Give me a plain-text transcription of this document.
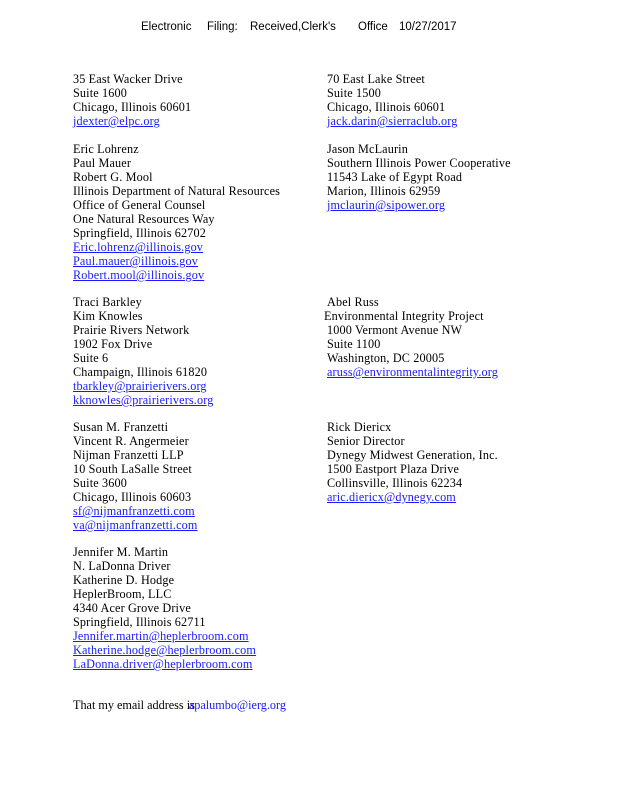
Electronic Filing: Received,Clerk's Office 10/27/2017
35 East Wacker Drive
Suite 1600
Chicago, Illinois 60601
jdexter@elpc.org
70 East Lake Street
Suite 1500
Chicago, Illinois 60601
jack.darin@sierraclub.org
Eric Lohrenz
Paul Mauer
Robert G. Mool
Illinois Department of Natural Resources
Office of General Counsel
One Natural Resources Way
Springfield, Illinois 62702
Eric.lohrenz@illinois.gov
Paul.mauer@illinois.gov
Robert.mool@illinois.gov
Jason McLaurin
Southern Illinois Power Cooperative
11543 Lake of Egypt Road
Marion, Illinois 62959
jmclaurin@sipower.org
Traci Barkley
Kim Knowles
Prairie Rivers Network
1902 Fox Drive
Suite 6
Champaign, Illinois 61820
tbarkley@prairierivers.org
kknowles@prairierivers.org
Abel Russ
Environmental Integrity Project
1000 Vermont Avenue NW
Suite 1100
Washington, DC 20005
aruss@environmentalintegrity.org
Susan M. Franzetti
Vincent R. Angermeier
Nijman Franzetti LLP
10 South LaSalle Street
Suite 3600
Chicago, Illinois 60603
sf@nijmanfranzetti.com
va@nijmanfranzetti.com
Rick Diericx
Senior Director
Dynegy Midwest Generation, Inc.
1500 Eastport Plaza Drive
Collinsville, Illinois 62234
aric.diericx@dynegy.com
Jennifer M. Martin
N. LaDonna Driver
Katherine D. Hodge
HeplerBroom, LLC
4340 Acer Grove Drive
Springfield, Illinois 62711
Jennifer.martin@heplerbroom.com
Katherine.hodge@heplerbroom.com
LaDonna.driver@heplerbroom.com
That my email address isapalumbo@ierg.org
